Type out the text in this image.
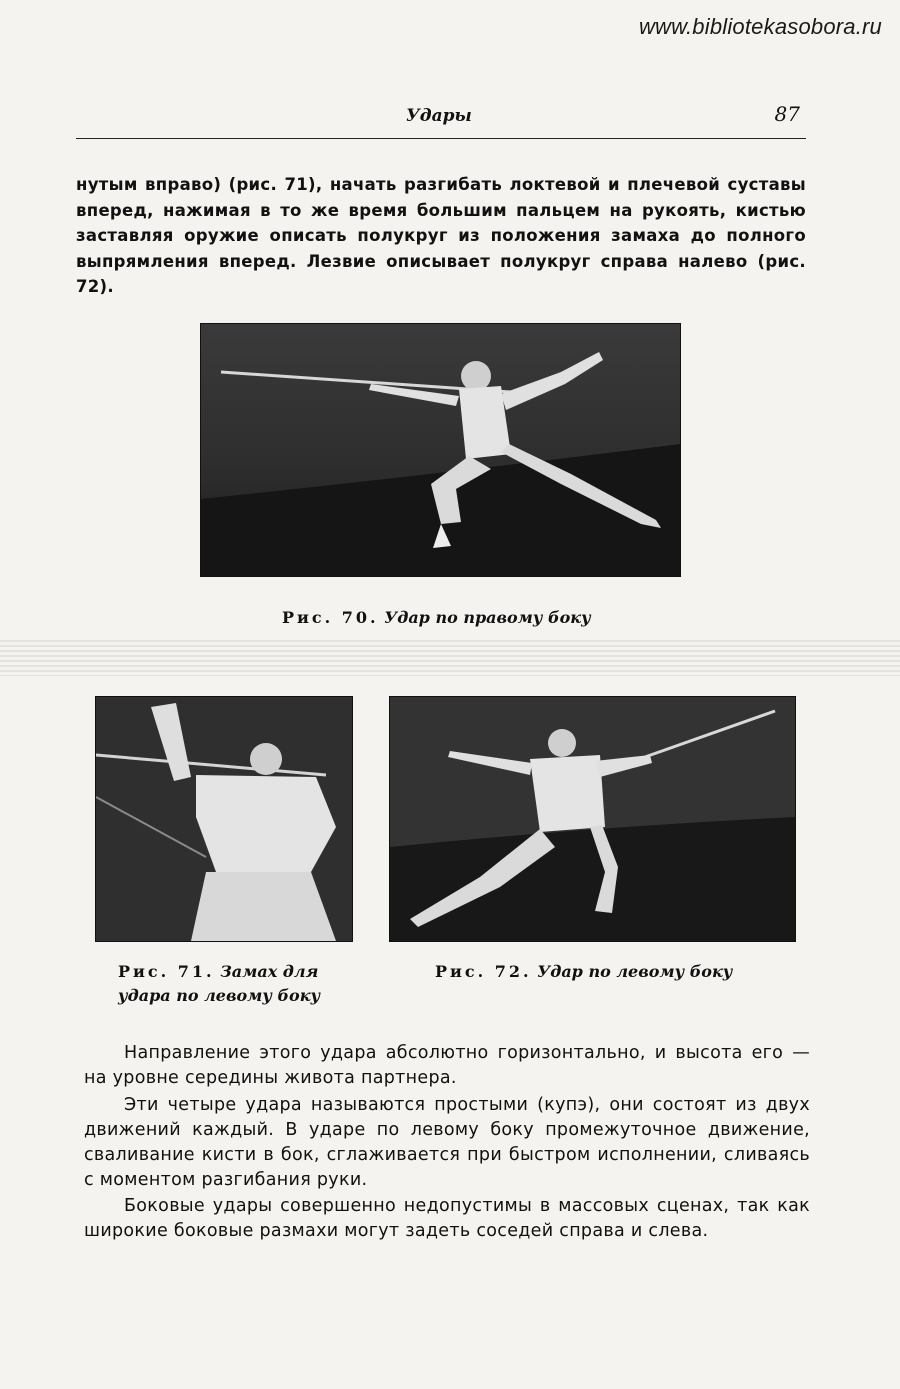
www.bibliotekasobora.ru
Удары	87

нутым вправо) (рис. 71), начать разгибать локтевой и плечевой суставы вперед, нажимая в то же время большим пальцем на рукоять, кистью заставляя оружие описать полукруг из положения замаха до полного выпрямления вперед. Лезвие описывает полукруг справа налево (рис. 72).

Рис. 70. Удар по правому боку
Рис. 71. Замах для удара по левому боку
Рис. 72. Удар по левому боку

Направление этого удара абсолютно горизонтально, и высота его — на уровне середины живота партнера.

Эти четыре удара называются простыми (купэ), они состоят из двух движений каждый. В ударе по левому боку промежуточное движение, сваливание кисти в бок, сглаживается при быстром исполнении, сливаясь с моментом разгибания руки.

Боковые удары совершенно недопустимы в массовых сценах, так как широкие боковые размахи могут задеть соседей справа и слева.
